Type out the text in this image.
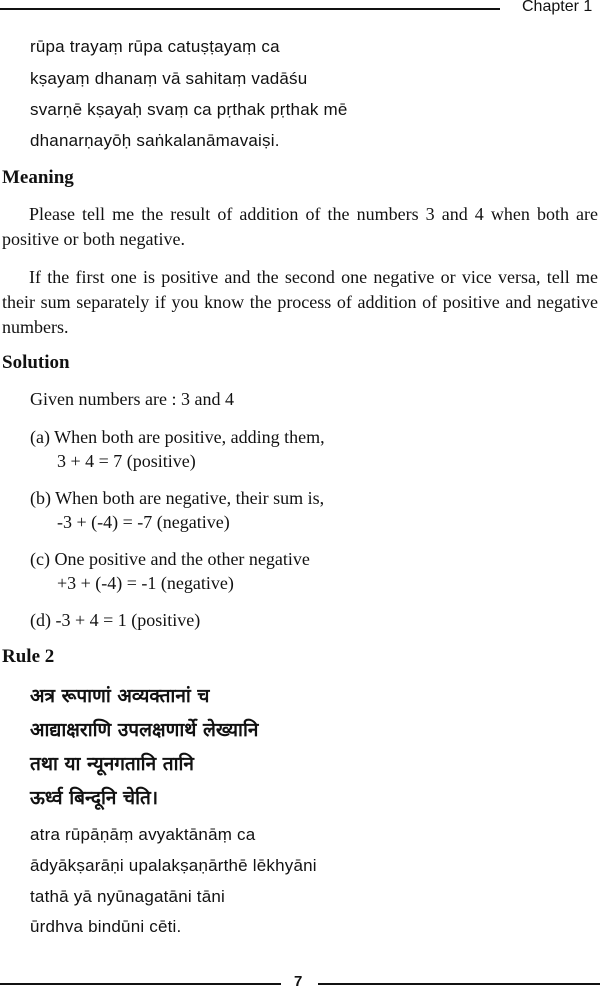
Chapter 1
rūpa trayaṃ rūpa catuṣṭayaṃ ca
kṣayaṃ dhanaṃ vā sahitaṃ vadāśu
svarṇē kṣayaḥ svaṃ ca pṛthak pṛthak mē
dhanarṇayōḥ saṅkalanāmavaiṣi.
Meaning

Please tell me the result of addition of the numbers 3 and 4 when both are positive or both negative.

If the first one is positive and the second one negative or vice versa, tell me their sum separately if you know the process of addition of positive and negative numbers.

Solution
Given numbers are : 3 and 4
(a) When both are positive, adding them,
3 + 4 = 7 (positive)
(b) When both are negative, their sum is,
-3 + (-4) = -7 (negative)
(c) One positive and the other negative
+3 + (-4) = -1 (negative)
(d) -3 + 4 = 1 (positive)
Rule 2
अत्र रूपाणां अव्यक्तानां च
आद्याक्षराणि उपलक्षणार्थे लेख्यानि
तथा या न्यूनगतानि तानि
ऊर्ध्व बिन्दूनि चेति।
atra rūpāṇāṃ avyaktānāṃ ca
ādyākṣarāṇi upalakṣaṇārthē lēkhyāni
tathā yā nyūnagatāni tāni
ūrdhva bindūni cēti.
7
